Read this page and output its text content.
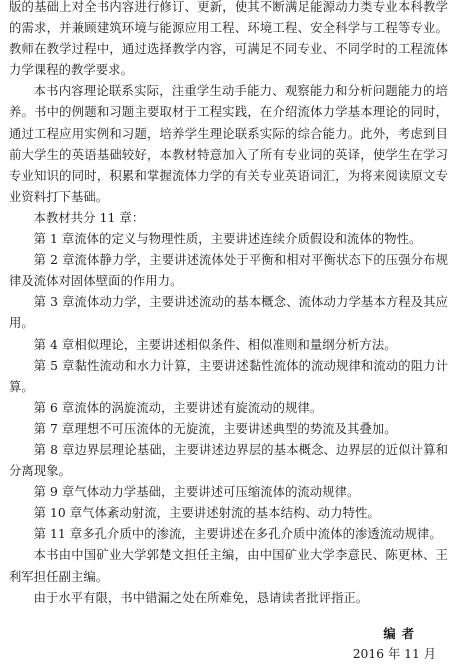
版的基础上对全书内容进行修订、更新，使其不断满足能源动力类专业本科教学的需求，并兼顾建筑环境与能源应用工程、环境工程、安全科学与工程等专业。教师在教学过程中，通过选择教学内容，可满足不同专业、不同学时的工程流体力学课程的教学要求。

本书内容理论联系实际，注重学生动手能力、观察能力和分析问题能力的培养。书中的例题和习题主要取材于工程实践，在介绍流体力学基本理论的同时，通过工程应用实例和习题，培养学生理论联系实际的综合能力。此外，考虑到目前大学生的英语基础较好，本教材特意加入了所有专业词的英译，使学生在学习专业知识的同时，积累和掌握流体力学的有关专业英语词汇，为将来阅读原文专业资料打下基础。

本教材共分 11 章：

第 1 章流体的定义与物理性质，主要讲述连续介质假设和流体的物性。

第 2 章流体静力学，主要讲述流体处于平衡和相对平衡状态下的压强分布规律及流体对固体壁面的作用力。

第 3 章流体动力学，主要讲述流动的基本概念、流体动力学基本方程及其应用。

第 4 章相似理论，主要讲述相似条件、相似准则和量纲分析方法。

第 5 章黏性流动和水力计算，主要讲述黏性流体的流动规律和流动的阻力计算。

第 6 章流体的涡旋流动，主要讲述有旋流动的规律。

第 7 章理想不可压流体的无旋流，主要讲述典型的势流及其叠加。

第 8 章边界层理论基础，主要讲述边界层的基本概念、边界层的近似计算和分离现象。

第 9 章气体动力学基础，主要讲述可压缩流体的流动规律。

第 10 章气体紊动射流，主要讲述射流的基本结构、动力特性。

第 11 章多孔介质中的渗流，主要讲述在多孔介质中流体的渗透流动规律。

本书由中国矿业大学郭楚文担任主编，由中国矿业大学李意民、陈更林、王利军担任副主编。

由于水平有限，书中错漏之处在所难免，恳请读者批评指正。

编者
2016 年 11 月
